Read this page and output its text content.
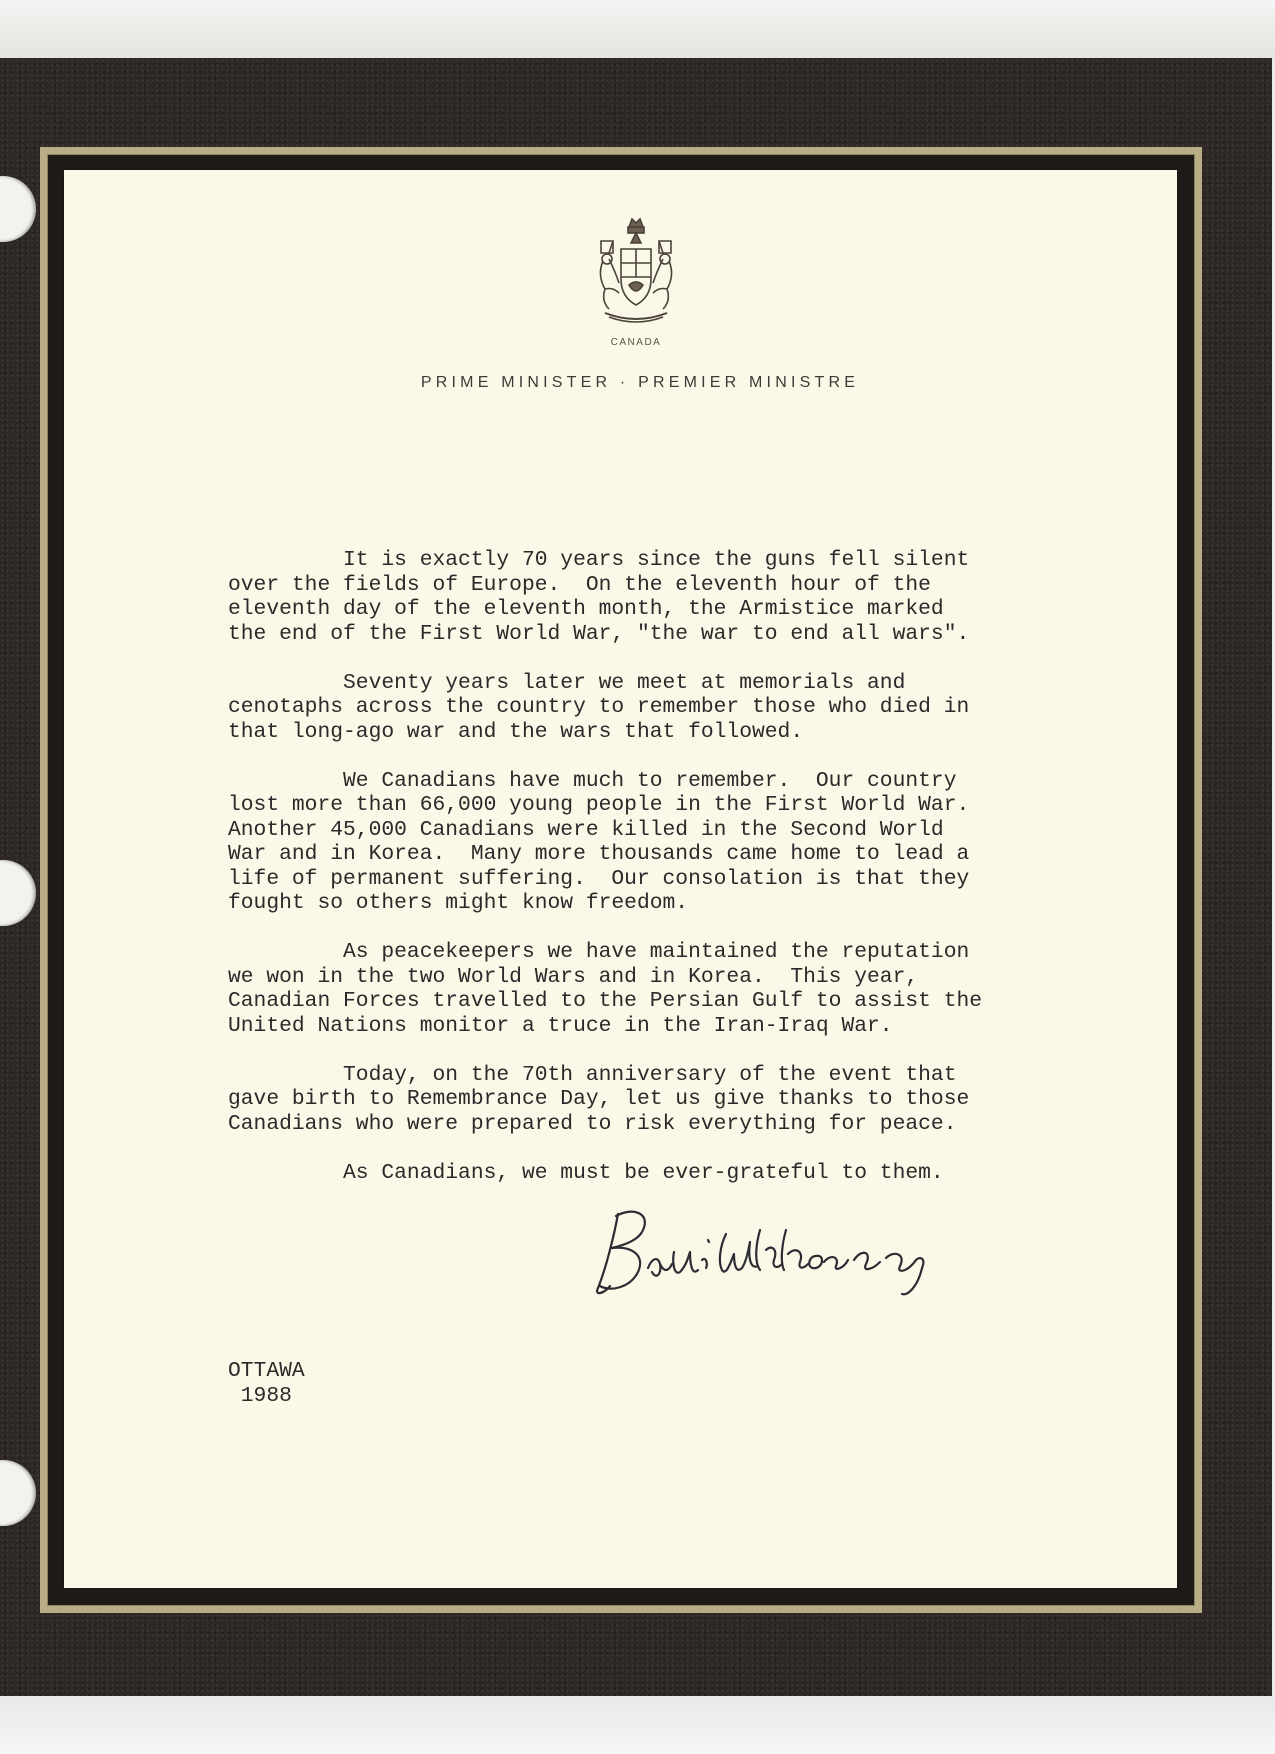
CANADA
PRIME MINISTER · PREMIER MINISTRE

It is exactly 70 years since the guns fell silent
over the fields of Europe.  On the eleventh hour of the
eleventh day of the eleventh month, the Armistice marked
the end of the First World War, "the war to end all wars".

Seventy years later we meet at memorials and
cenotaphs across the country to remember those who died in
that long-ago war and the wars that followed.

We Canadians have much to remember.  Our country
lost more than 66,000 young people in the First World War.
Another 45,000 Canadians were killed in the Second World
War and in Korea.  Many more thousands came home to lead a
life of permanent suffering.  Our consolation is that they
fought so others might know freedom.

As peacekeepers we have maintained the reputation
we won in the two World Wars and in Korea.  This year,
Canadian Forces travelled to the Persian Gulf to assist the
United Nations monitor a truce in the Iran-Iraq War.

Today, on the 70th anniversary of the event that
gave birth to Remembrance Day, let us give thanks to those
Canadians who were prepared to risk everything for peace.

As Canadians, we must be ever-grateful to them.

OTTAWA
1988
